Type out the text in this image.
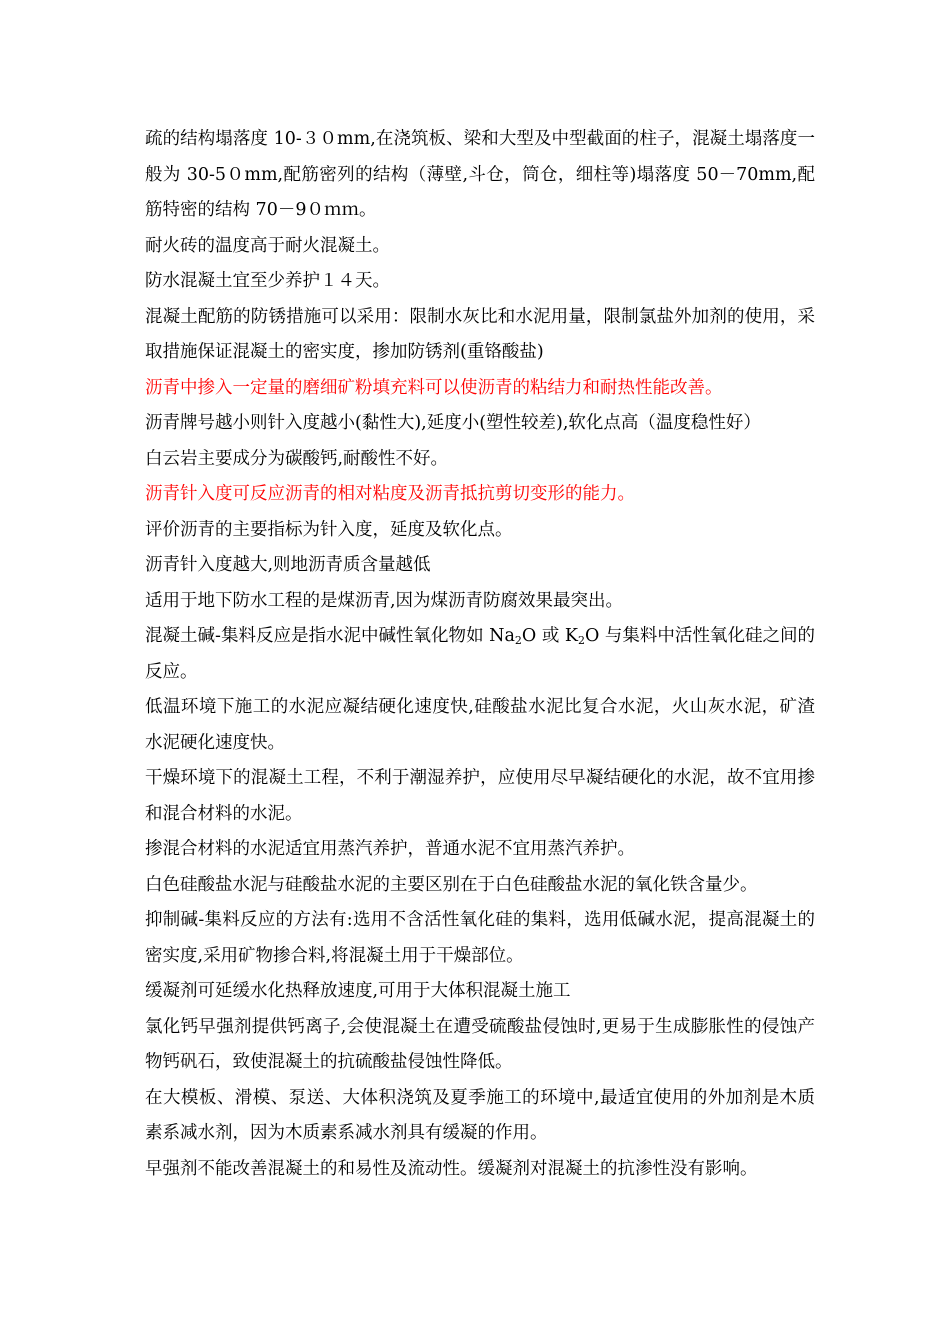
疏的结构塌落度 10-３０mm,在浇筑板、梁和大型及中型截面的柱子，混凝土塌落度一般为 30-5０mm,配筋密列的结构（薄壁,斗仓，筒仓，细柱等)塌落度 50－70mm,配筋特密的结构 70－9０ｍｍ。

耐火砖的温度高于耐火混凝土。

防水混凝土宜至少养护１４天。

混凝土配筋的防锈措施可以采用：限制水灰比和水泥用量，限制氯盐外加剂的使用，采取措施保证混凝土的密实度，掺加防锈剂(重铬酸盐)

沥青中掺入一定量的磨细矿粉填充料可以使沥青的粘结力和耐热性能改善。

沥青牌号越小则针入度越小(黏性大),延度小(塑性较差),软化点高（温度稳性好）

白云岩主要成分为碳酸钙,耐酸性不好。

沥青针入度可反应沥青的相对粘度及沥青抵抗剪切变形的能力。

评价沥青的主要指标为针入度，延度及软化点。

沥青针入度越大,则地沥青质含量越低

适用于地下防水工程的是煤沥青,因为煤沥青防腐效果最突出。

混凝土碱-集料反应是指水泥中碱性氧化物如 $Na_2O$ 或 $K_2O$ 与集料中活性氧化硅之间的反应。

低温环境下施工的水泥应凝结硬化速度快,硅酸盐水泥比复合水泥，火山灰水泥，矿渣水泥硬化速度快。

干燥环境下的混凝土工程，不利于潮湿养护，应使用尽早凝结硬化的水泥，故不宜用掺和混合材料的水泥。

掺混合材料的水泥适宜用蒸汽养护，普通水泥不宜用蒸汽养护。

白色硅酸盐水泥与硅酸盐水泥的主要区别在于白色硅酸盐水泥的氧化铁含量少。

抑制碱-集料反应的方法有:选用不含活性氧化硅的集料，选用低碱水泥，提高混凝土的密实度,采用矿物掺合料,将混凝土用于干燥部位。

缓凝剂可延缓水化热释放速度,可用于大体积混凝土施工

氯化钙早强剂提供钙离子,会使混凝土在遭受硫酸盐侵蚀时,更易于生成膨胀性的侵蚀产物钙矾石，致使混凝土的抗硫酸盐侵蚀性降低。

在大模板、滑模、泵送、大体积浇筑及夏季施工的环境中,最适宜使用的外加剂是木质素系减水剂，因为木质素系减水剂具有缓凝的作用。

早强剂不能改善混凝土的和易性及流动性。缓凝剂对混凝土的抗渗性没有影响。
